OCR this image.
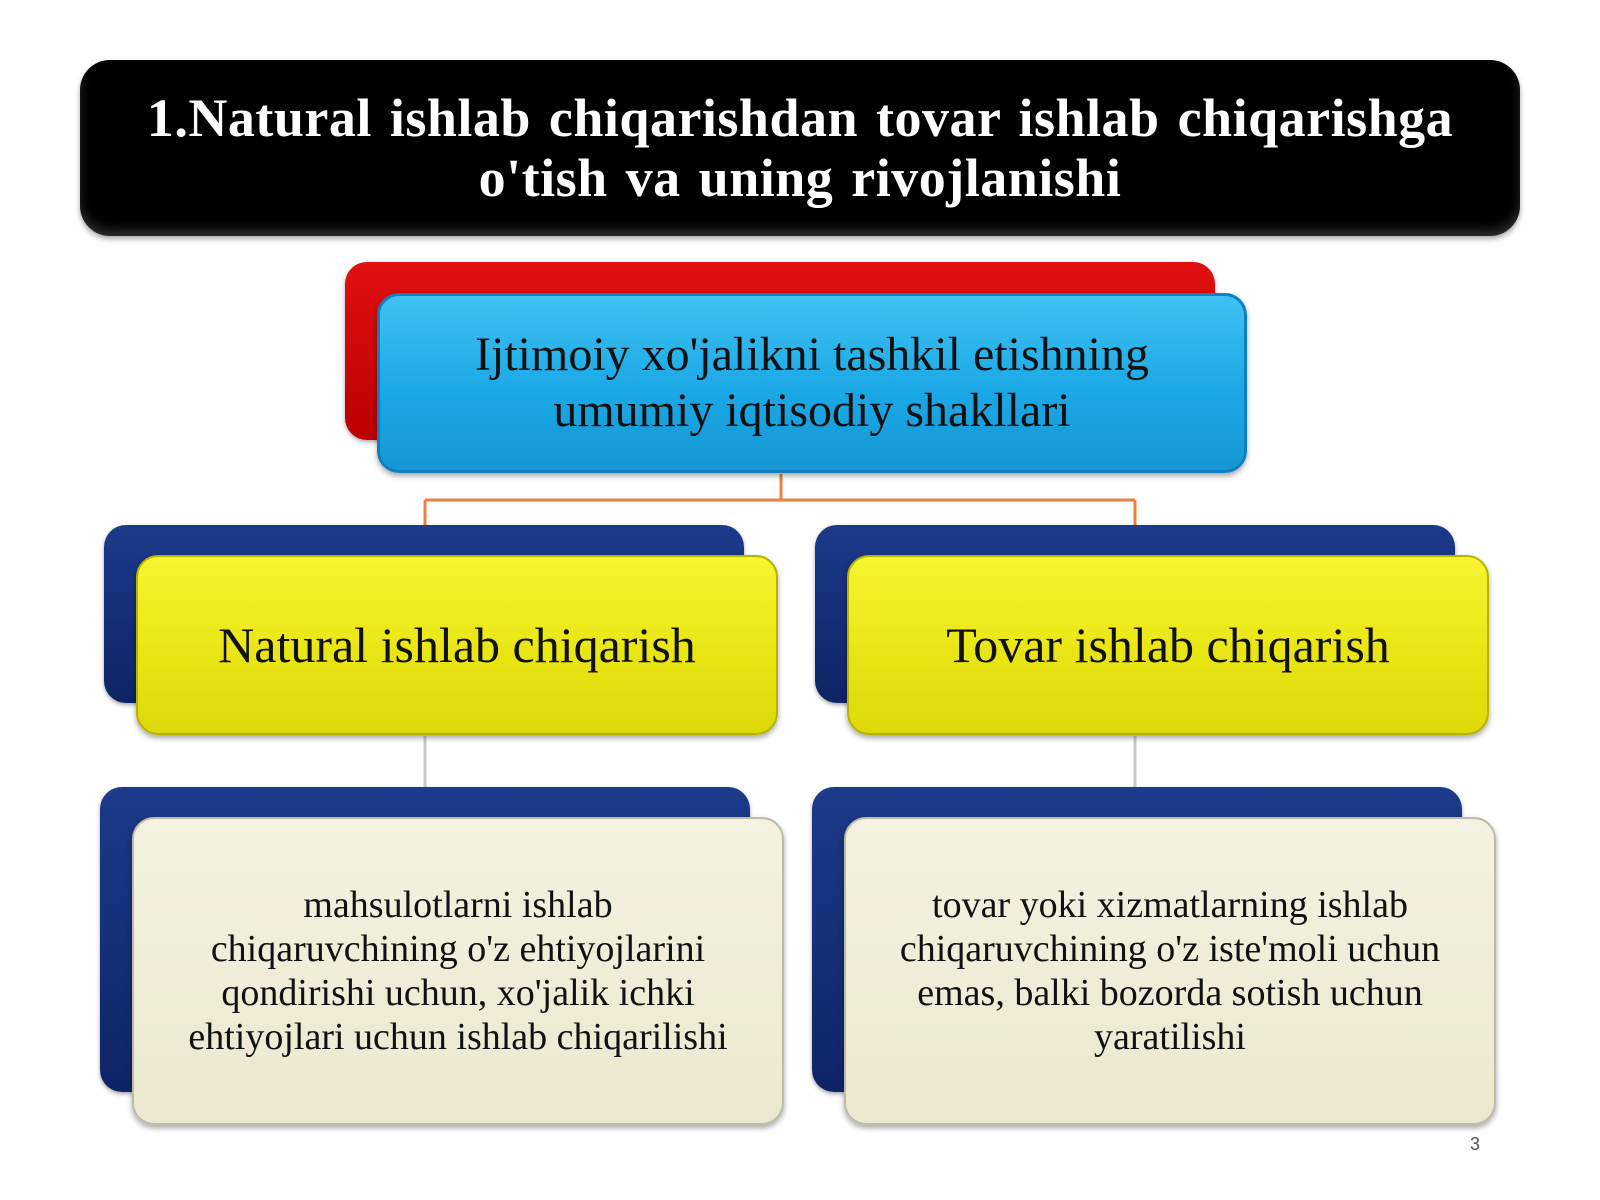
1.Natural ishlab chiqarishdan tovar ishlab chiqarishga
o'tish va uning rivojlanishi
Ijtimoiy xo'jalikni tashkil etishning
umumiy iqtisodiy shakllari
Natural ishlab chiqarish	Tovar ishlab chiqarish
mahsulotlarni ishlab
chiqaruvchining o'z ehtiyojlarini
qondirishi uchun, xo'jalik ichki
ehtiyojlari uchun ishlab chiqarilishi
tovar yoki xizmatlarning ishlab
chiqaruvchining o'z iste'moli uchun
emas, balki bozorda sotish uchun
yaratilishi
3
